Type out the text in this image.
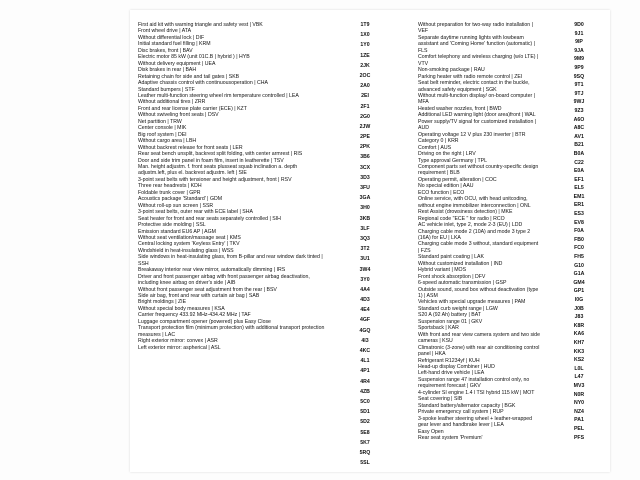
First aid kit with warning triangle and safety vest | VBK
Front wheel drive | ATA
Without differential lock | DIF
Initial standard fuel filling | KRM
Disc brakes, front | BAV
Electric motor 85 kW (unit 01C.B | hybrid ) | HYB
Without delivery equipment | UEA
Disk brakes in rear | BAH
Retaining chain for side and tail gates | SKB
Adaptive chassis control with continuousoperation | CHA
Standard bumpers | STF
Leather multi-function steering wheel rim temperature controlled | LEA
Without additional tires | ZRR
Front and rear license plate carrier (ECE) | KZT
Without swiveling front seats | DSV
Net partition | TRW
Center console | MIK
Big roof system | DEI
Without cargo area | LBH
Without backrest release for front seats | LER
Rear seat bench unsplit, backrest split folding, with center armrest | RIS
Door and side trim panel in foam film, insert in leatherette | TSV
Man. height adjustm. f. front seats plusseat squab inclination a. depth adjustm.left, plus el. backrest adjustm. left | SIE
3-point seat belts with tensioner and height adjustment, front | RSV
Three rear headrests | KDH
Foldable trunk cover | GPR
Acoustics package 'Standard' | GDM
Without roll-up sun screen | SSR
3-point seat belts, outer rear with ECE label | SHA
Seat heater for front and rear seats separately controlled | SIH
Protective side molding | SSL
Emission standard EU6 AP | AGM
Without seat ventilation/massage seat | KMS
Central locking system 'Keyless Entry' | TKV
Windshield in heat-insulating glass | WSS
Side windows in heat-insulating glass, from B-pillar and rear window dark tinted | SSH
Breakaway interior rear view mirror, automatically dimming | IRS
Driver and front passenger airbag with front passenger airbag deactivation, including knee airbag on driver's side | AIB
Without front passenger seat adjustment from the rear | BSV
Side air bag, front and rear with curtain air bag | SAB
Bright moldings | ZIE
Without special body measures | KSA
Carrier frequency 433.92 MHz-434.42 MHz | TAF
Luggage compartment opener (powered) plus Easy Close
Transport protection film (minimum protection) with additional transport protection measures | LAC
Right exterior mirror: convex | ASR
Left exterior mirror: aspherical | ASL
1T9
1X0
1Y0
1ZE
2JK
2OC
2A0
2EI
2F1
2G0
2JW
2PE
2PK
3B6
3CX
3D3
3FU
3GA
3H0
3KB
3LF
3Q3
3T2
3U1
3W4
3Y0
4A4
4D3
4E4
4GF
4GQ
4I3
4KC
4L1
4P1
4R4
4ZB
5C0
5D1
5D2
5E8
5K7
5RQ
5SL
Without preparation for two-way radio installation | VEF
Separate daytime running lights with lowbeam assistant and 'Coming Home' function (automatic) | FLS
Comfort telephony and wireless charging (w/o LTE) | VTV
Non-smoking package | RAU
Parking heater with radio remote control | ZEI
Seat belt reminder, electric contact in the buckle, advanced safety equipment | SGK
Without multi-function display/ on-board computer | MFA
Heated washer nozzles, front | BWD
Additional LED warning light (door area)front | WAL
Power supply/TV signal for customized installation | AUD
Operating voltage 12 V plus 230 inverter | BTR
Category 0 | KRR
Comfort | AUS
Driving on the right | LRV
Type approval Germany | TPL
Component parts set without country-specific design requirement | BLB
Operating permit, alteration | COC
No special edition | AAU
ECO function | ECO
Online service, with OCU, with head unitcoding, without engine immobilizer interconnection | ONL
Rest Assist (drowsiness detection) | MKE
Regional code "ECE " for radio | RCO
AC vehicle inlet, type 2, mode 2-3 (EU) | LDD
Charging cable mode 2 (10A) and mode 3 type 2 (16A) for EU | LKA
Charging cable mode 3 without, standard equipment | FZS
Standard paint coating | LAK
Without customized installation | IND
Hybrid variant | MOS
Front shock absorption | DFV
6-speed automatic transmission | GSP
Outside sound, sound box without deactivation (type 1) | ASM
Vehicles with special upgrade measures | PAM
Standard curb weight range | LGW
S20 A (92 Ah) battery | BAT
Suspension range 01 | GKV
Sportsback | KAR
With front and rear view camera system and two side cameras | KSU
Climatronic (3-zone) with rear air conditioning control panel | HKA
Refrigerant R1234yf | KUH
Head-up display Combiner | HUD
Left-hand drive vehicle | LEA
Suspension range 47 installation control only, no requirement forecast | GKV
4-cylinder SI engine 1.4 l TSI hybrid 115 kW | MOT
Seat covering | SIB
Standard battery/alternator capacity | BGK
Private emergency call system | RUP
3-spoke leather steering wheel + leather-wrapped gear lever and handbrake lever | LEA
Easy Open
Rear seat system 'Premium'
9D0
9J1
9IP
9JA
9M9
9P9
9SQ
9T1
9TJ
9WJ
9Z3
A6O
A8C
AV1
B21
B0A
C22
E0A
EF1
EL5
EM1
ER1
ES3
EV8
F0A
FB0
FC0
FH5
G10
G1A
GM4
GP1
I0G
J0B
J83
K8R
KA6
KH7
KK3
KS2
L0L
L47
MV3
N0R
NY0
NZ4
PA1
PEL
PFS
